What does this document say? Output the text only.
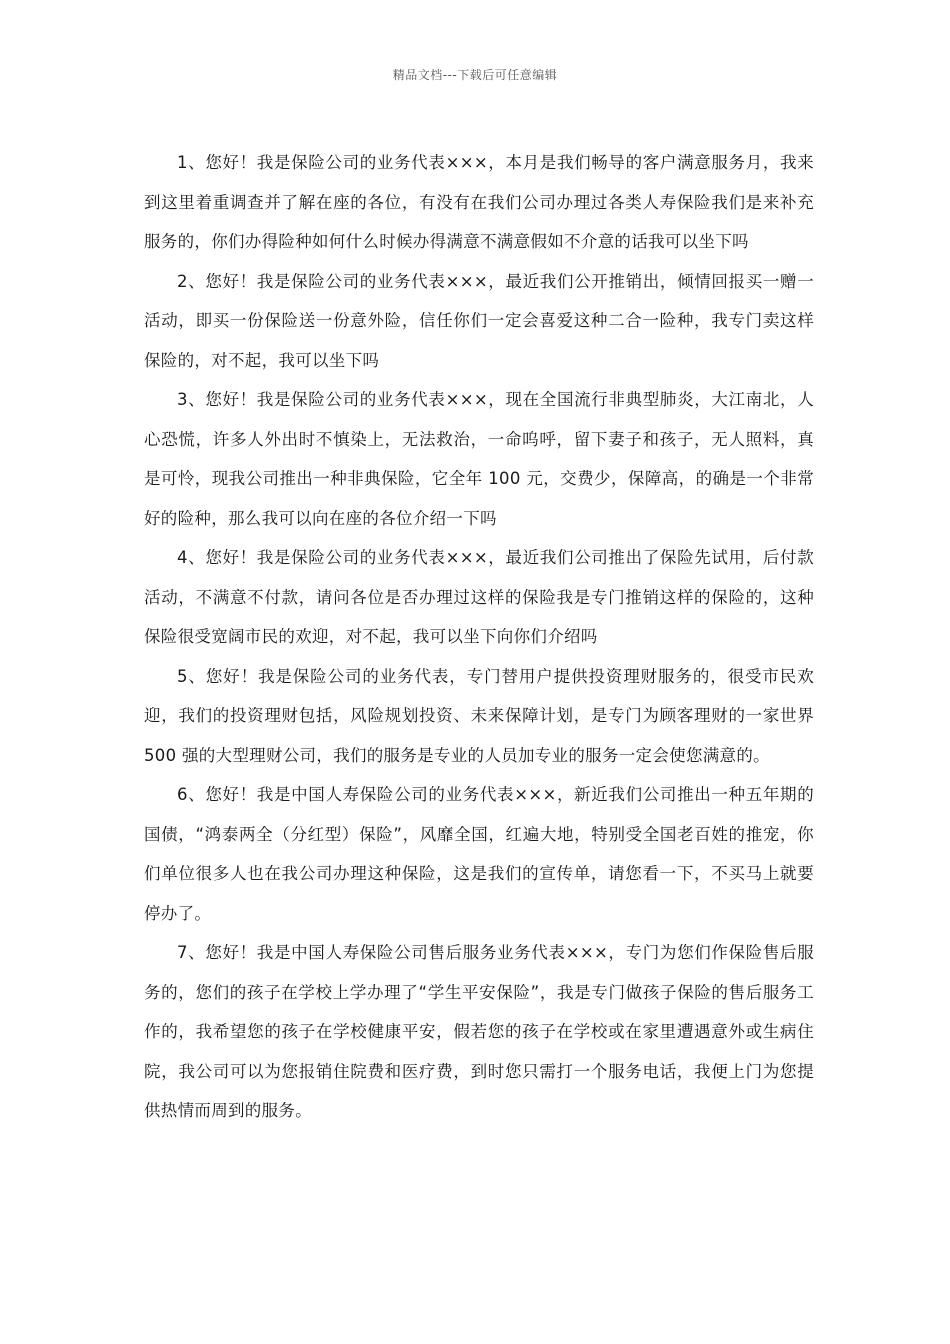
精品文档---下载后可任意编辑

1、您好！我是保险公司的业务代表×××，本月是我们畅导的客户满意服务月，我来到这里着重调查并了解在座的各位，有没有在我们公司办理过各类人寿保险我们是来补充服务的，你们办得险种如何什么时候办得满意不满意假如不介意的话我可以坐下吗

2、您好！我是保险公司的业务代表×××，最近我们公开推销出，倾情回报买一赠一活动，即买一份保险送一份意外险，信任你们一定会喜爱这种二合一险种，我专门卖这样保险的，对不起，我可以坐下吗

3、您好！我是保险公司的业务代表×××，现在全国流行非典型肺炎，大江南北，人心恐慌，许多人外出时不慎染上，无法救治，一命呜呼，留下妻子和孩子，无人照料，真是可怜，现我公司推出一种非典保险，它全年 100 元，交费少，保障高，的确是一个非常好的险种，那么我可以向在座的各位介绍一下吗

4、您好！我是保险公司的业务代表×××，最近我们公司推出了保险先试用，后付款活动，不满意不付款，请问各位是否办理过这样的保险我是专门推销这样的保险的，这种保险很受宽阔市民的欢迎，对不起，我可以坐下向你们介绍吗

5、您好！我是保险公司的业务代表，专门替用户提供投资理财服务的，很受市民欢迎，我们的投资理财包括，风险规划投资、未来保障计划，是专门为顾客理财的一家世界 500 强的大型理财公司，我们的服务是专业的人员加专业的服务一定会使您满意的。

6、您好！我是中国人寿保险公司的业务代表×××，新近我们公司推出一种五年期的国债，“鸿泰两全（分红型）保险”，风靡全国，红遍大地，特别受全国老百姓的推宠，你们单位很多人也在我公司办理这种保险，这是我们的宣传单，请您看一下，不买马上就要停办了。

7、您好！我是中国人寿保险公司售后服务业务代表×××，专门为您们作保险售后服务的，您们的孩子在学校上学办理了“学生平安保险”，我是专门做孩子保险的售后服务工作的，我希望您的孩子在学校健康平安，假若您的孩子在学校或在家里遭遇意外或生病住院，我公司可以为您报销住院费和医疗费，到时您只需打一个服务电话，我便上门为您提供热情而周到的服务。
